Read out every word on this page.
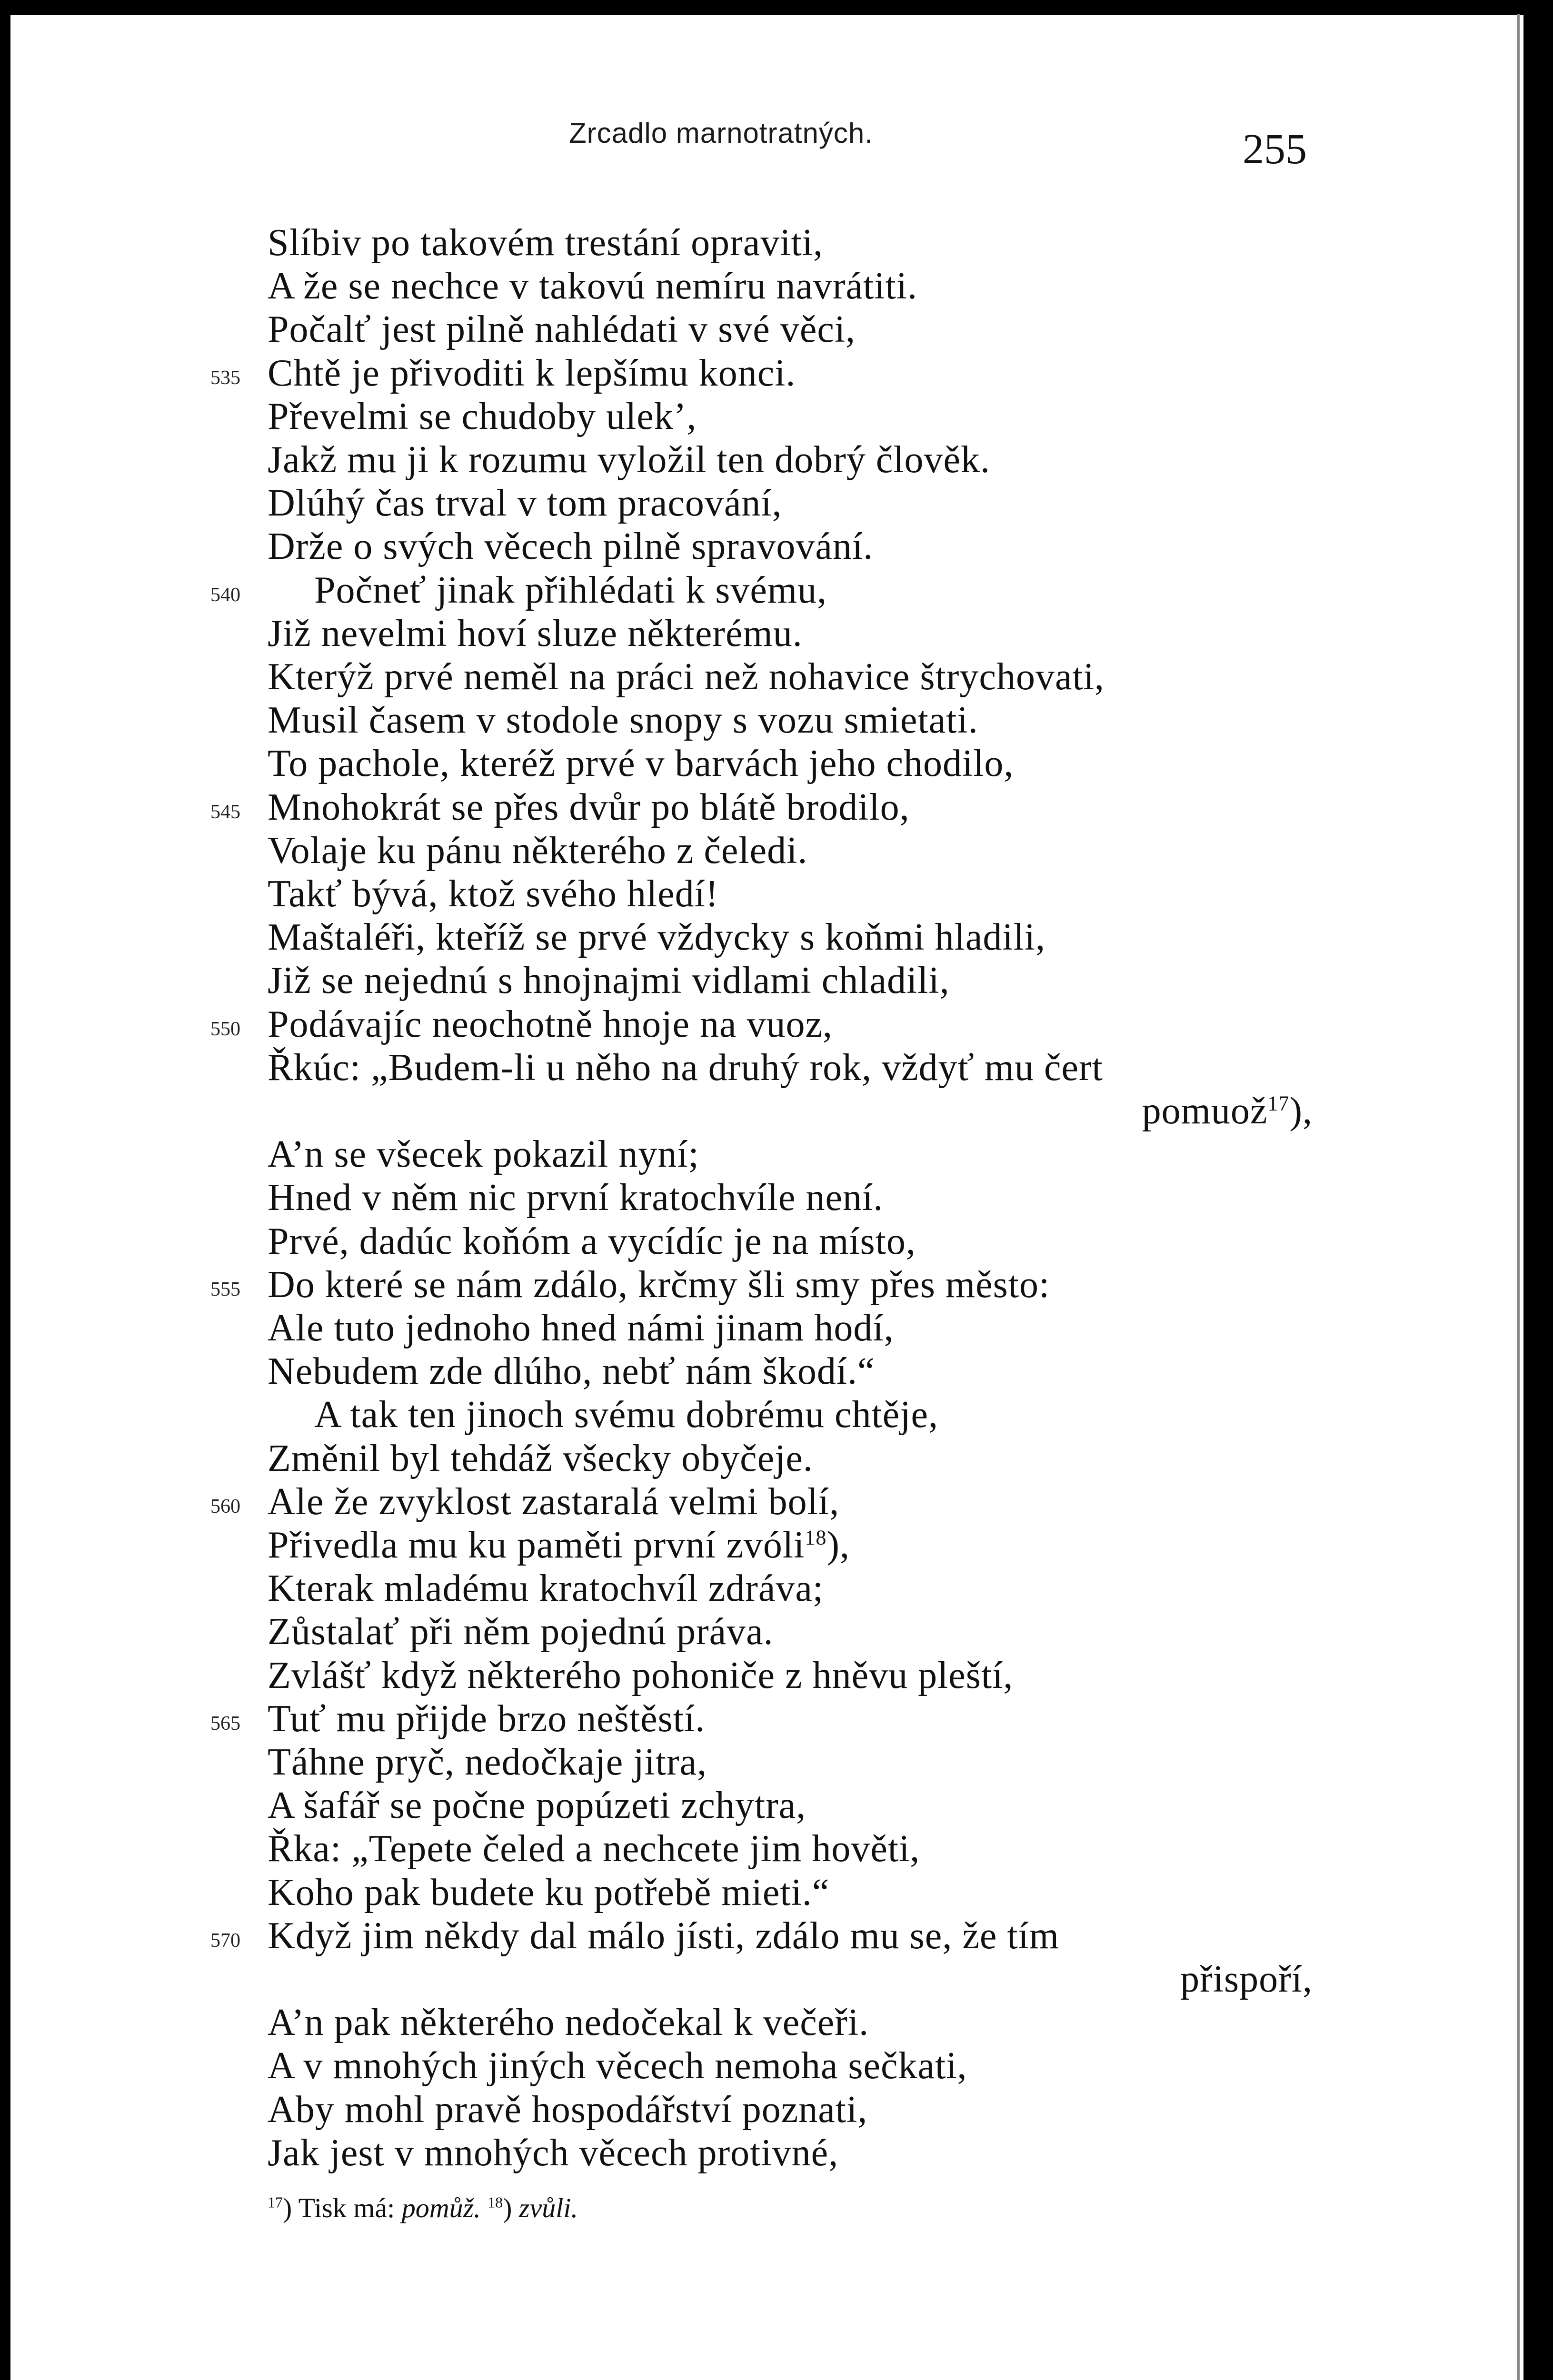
Zrcadlo marnotratných.	255
Slíbiv po takovém trestání opraviti,
A že se nechce v takovú nemíru navrátiti.
Počalť jest pilně nahlédati v své věci,
Chtě je přivoditi k lepšímu konci.
535
Převelmi se chudoby ulek’,
Jakž mu ji k rozumu vyložil ten dobrý člověk.
Dlúhý čas trval v tom pracování,
Drže o svých věcech pilně spravování.
Počneť jinak přihlédati k svému,
540
Již nevelmi hoví sluze některému.
Kterýž prvé neměl na práci než nohavice štrychovati,
Musil časem v stodole snopy s vozu smietati.
To pachole, kteréž prvé v barvách jeho chodilo,
Mnohokrát se přes dvůr po blátě brodilo,
545
Volaje ku pánu některého z čeledi.
Takť bývá, ktož svého hledí!
Maštaléři, kteříž se prvé vždycky s koňmi hladili,
Již se nejednú s hnojnajmi vidlami chladili,
Podávajíc neochotně hnoje na vuoz,
550
Řkúc: „Budem-li u něho na druhý rok, vždyť mu čert
pomuož$^{17}$),
A’n se všecek pokazil nyní;
Hned v něm nic první kratochvíle není.
Prvé, dadúc koňóm a vycídíc je na místo,
Do které se nám zdálo, krčmy šli smy přes město:
555
Ale tuto jednoho hned námi jinam hodí,
Nebudem zde dlúho, nebť nám škodí.“
A tak ten jinoch svému dobrému chtěje,
Změnil byl tehdáž všecky obyčeje.
Ale že zvyklost zastaralá velmi bolí,
560
Přivedla mu ku paměti první zvóli$^{18}$),
Kterak mladému kratochvíl zdráva;
Zůstalať při něm pojednú práva.
Zvlášť když některého pohoniče z hněvu pleští,
Tuť mu přijde brzo neštěstí.
565
Táhne pryč, nedočkaje jitra,
A šafář se počne popúzeti zchytra,
Řka: „Tepete čeled a nechcete jim hověti,
Koho pak budete ku potřebě mieti.“
Když jim někdy dal málo jísti, zdálo mu se, že tím
570
přispoří,
A’n pak některého nedočekal k večeři.
A v mnohých jiných věcech nemoha sečkati,
Aby mohl pravě hospodářství poznati,
Jak jest v mnohých věcech protivné,
$^{17}$) Tisk má: pomůž. $^{18}$) zvůli.
